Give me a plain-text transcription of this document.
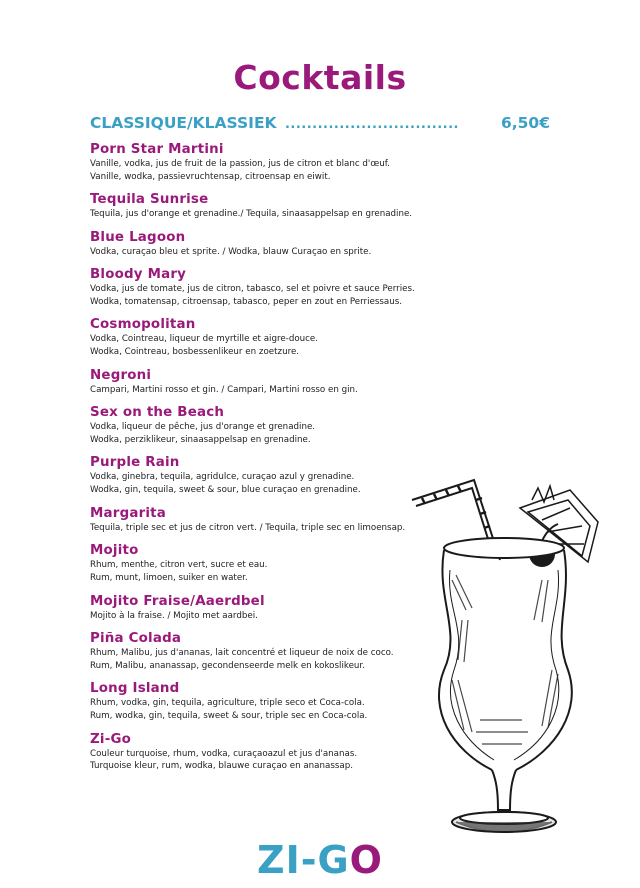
Cocktails
CLASSIQUE/KLASSIEK ................................	6,50€
Porn Star Martini
Vanille, vodka, jus de fruit de la passion, jus de citron et blanc d'œuf.
Vanille, wodka, passievruchtensap, citroensap en eiwit.
Tequila Sunrise
Tequila, jus d'orange et grenadine./ Tequila, sinaasappelsap en grenadine.
Blue Lagoon
Vodka, curaçao bleu et sprite. / Wodka, blauw Curaçao en sprite.
Bloody Mary
Vodka, jus de tomate, jus de citron, tabasco, sel et poivre et sauce Perries.
Wodka, tomatensap, citroensap, tabasco, peper en zout en Perriessaus.
Cosmopolitan
Vodka, Cointreau, liqueur de myrtille et aigre-douce.
Wodka, Cointreau, bosbessenlikeur en zoetzure.
Negroni
Campari, Martini rosso et gin. / Campari, Martini rosso en gin.
Sex on the Beach
Vodka, liqueur de pêche, jus d'orange et grenadine.
Wodka, perziklikeur, sinaasappelsap en grenadine.
Purple Rain
Vodka, ginebra, tequila, agridulce, curaçao azul y grenadine.
Wodka, gin, tequila, sweet & sour, blue curaçao en grenadine.
Margarita
Tequila, triple sec et jus de citron vert. / Tequila, triple sec en limoensap.
Mojito
Rhum, menthe, citron vert, sucre et eau.
Rum, munt, limoen, suiker en water.
Mojito Fraise/Aaerdbel
Mojito à la fraise. / Mojito met aardbei.
Piña Colada
Rhum, Malibu, jus d'ananas, lait concentré et liqueur de noix de coco.
Rum, Malibu, ananassap, gecondenseerde melk en kokoslikeur.
Long Island
Rhum, vodka, gin, tequila, agriculture, triple seco et Coca-cola.
Rum, wodka, gin, tequila, sweet & sour, triple sec en Coca-cola.
Zi-Go
Couleur turquoise, rhum, vodka, curaçaoazul et jus d'ananas.
Turquoise kleur, rum, wodka, blauwe curaçao en ananassap.
ZI-GO
